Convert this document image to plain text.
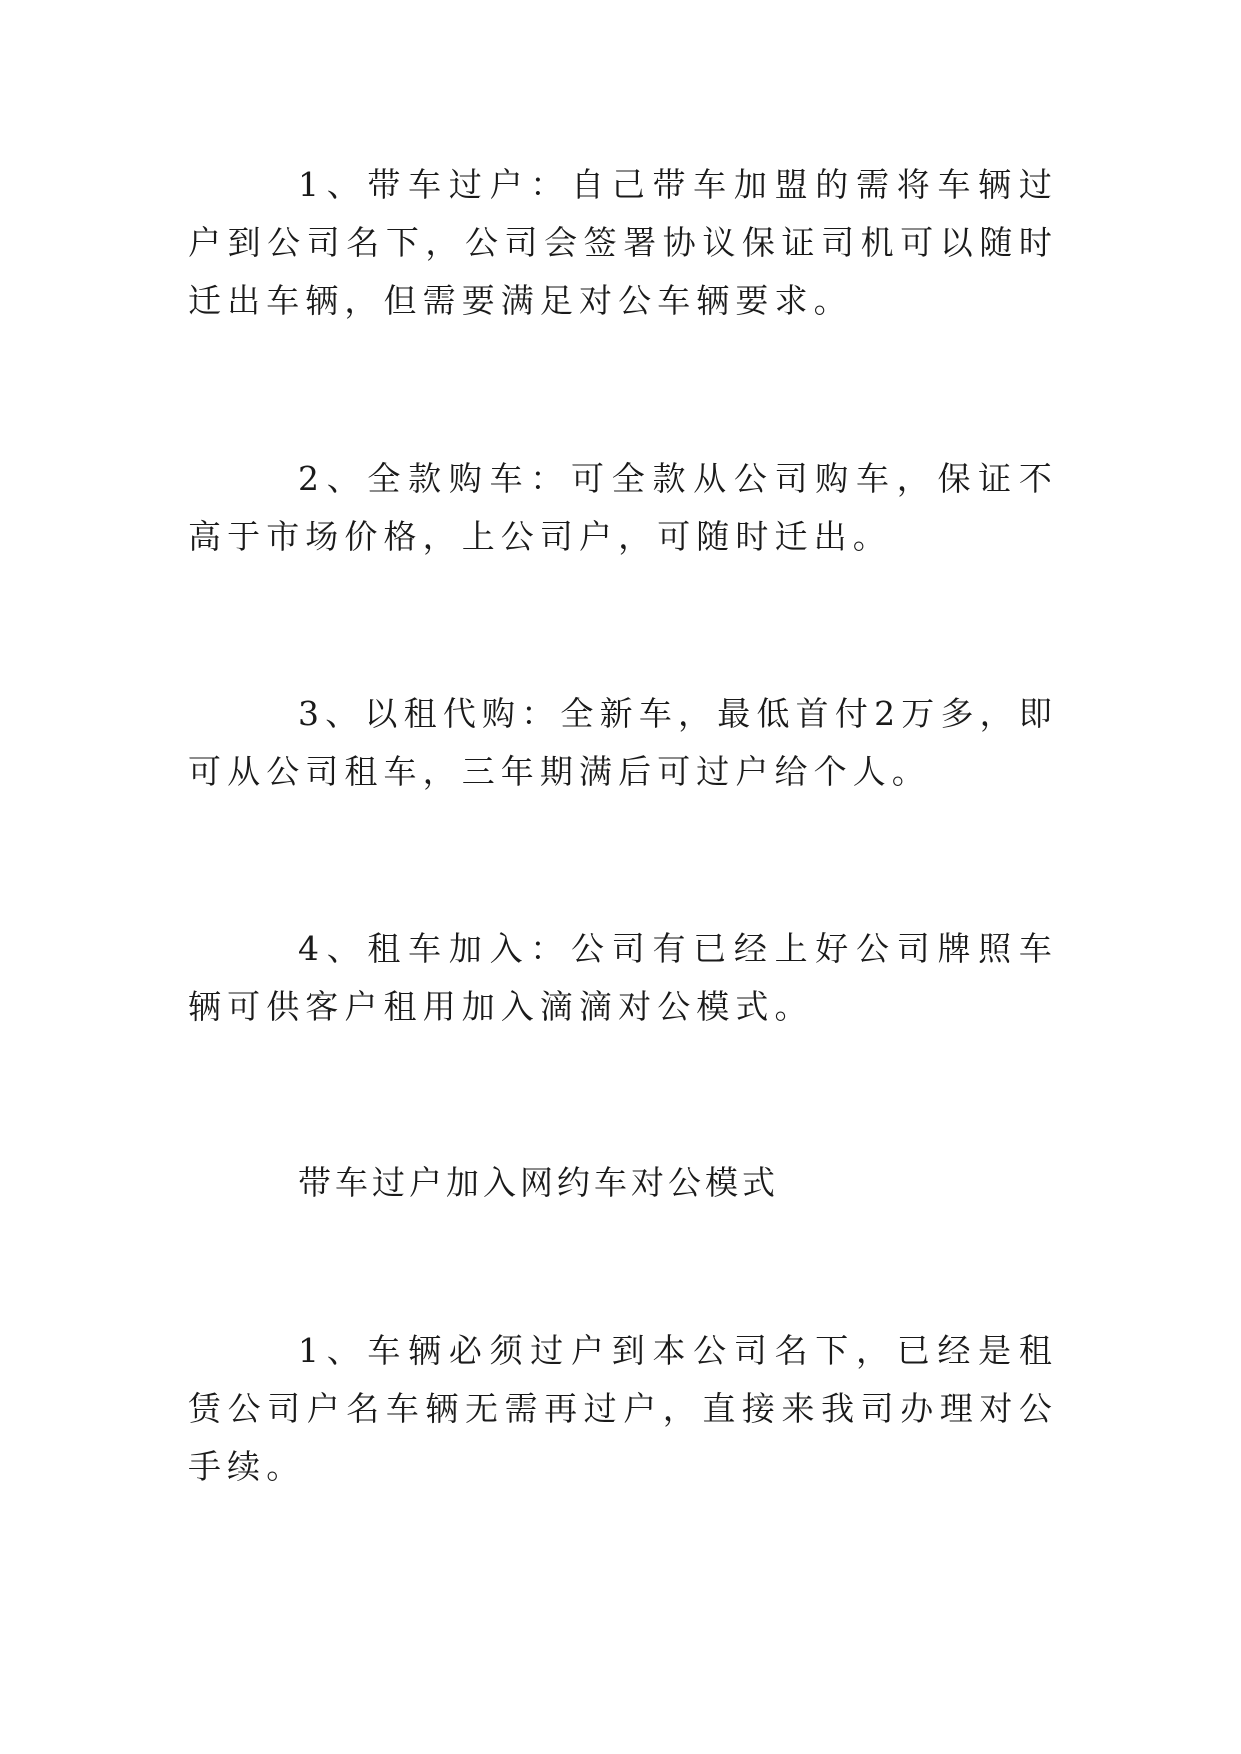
1、带车过户：自己带车加盟的需将车辆过户到公司名下，公司会签署协议保证司机可以随时迁出车辆，但需要满足对公车辆要求。

2、全款购车：可全款从公司购车，保证不高于市场价格，上公司户，可随时迁出。

3、以租代购：全新车，最低首付2万多，即可从公司租车，三年期满后可过户给个人。

4、租车加入：公司有已经上好公司牌照车辆可供客户租用加入滴滴对公模式。

带车过户加入网约车对公模式

1、车辆必须过户到本公司名下，已经是租赁公司户名车辆无需再过户，直接来我司办理对公手续。
